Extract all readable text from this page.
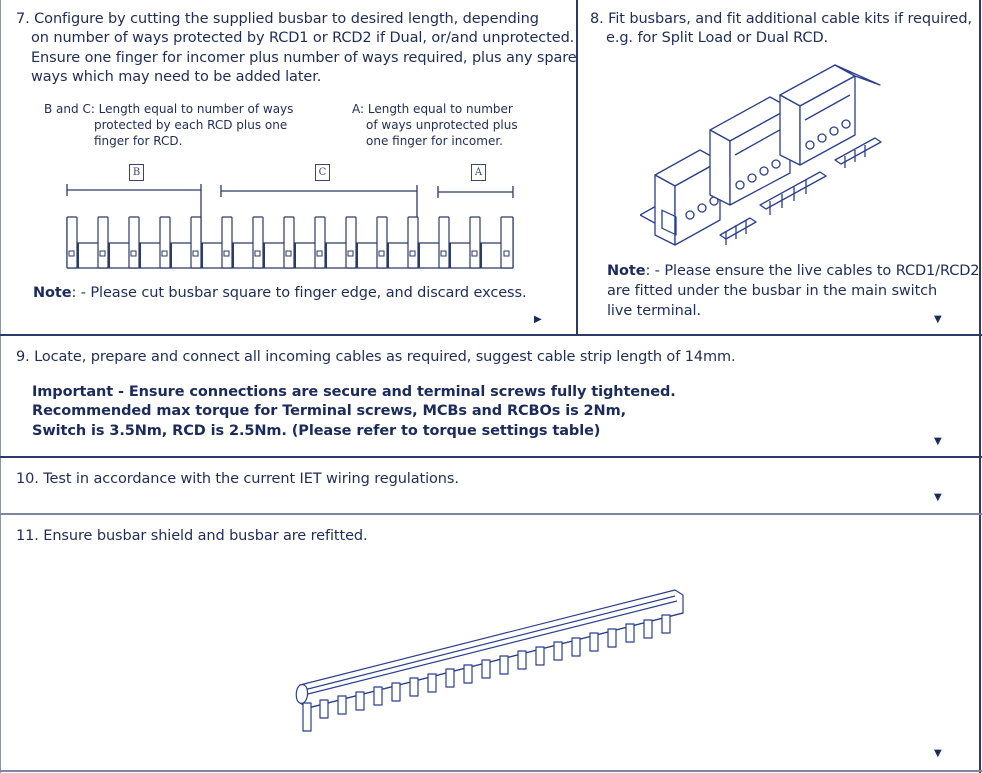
7. Configure by cutting the supplied busbar to desired length, depending
on number of ways protected by RCD1 or RCD2 if Dual, or/and unprotected.
Ensure one finger for incomer plus number of ways required, plus any spare
ways which may need to be added later.
B and C: Length equal to number of ways
protected by each RCD plus one
finger for RCD.
A: Length equal to number
of ways unprotected plus
one finger for incomer.
B	C	A
Note: - Please cut busbar square to finger edge, and discard excess.
▶
8. Fit busbars, and fit additional cable kits if required,
e.g. for Split Load or Dual RCD.
Note: - Please ensure the live cables to RCD1/RCD2
are fitted under the busbar in the main switch
live terminal.
▼
9. Locate, prepare and connect all incoming cables as required, suggest cable strip length of 14mm.
Important - Ensure connections are secure and terminal screws fully tightened.
Recommended max torque for Terminal screws, MCBs and RCBOs is 2Nm,
Switch is 3.5Nm, RCD is 2.5Nm. (Please refer to torque settings table)
▼
10. Test in accordance with the current IET wiring regulations.
▼
11. Ensure busbar shield and busbar are refitted.
▼
